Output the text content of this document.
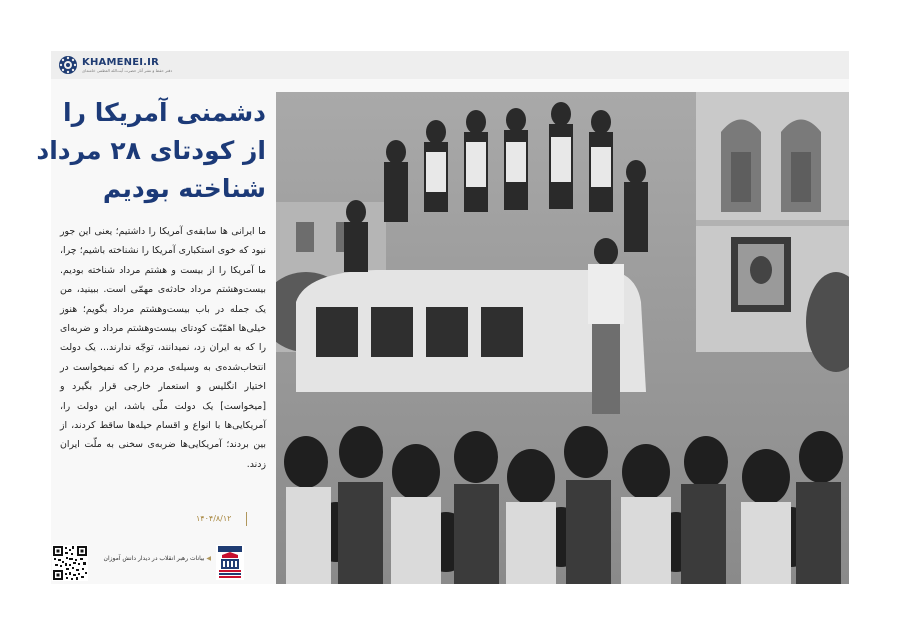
KHAMENEI.IR
دفتر حفظ و نشر آثار حضرت آیت‌الله العظمی خامنه‌ای
دشمنی آمریکا را
از کودتای ۲۸ مرداد
شناخته بودیم
ما ایرانی ها سابقه‌ی آمریکا را داشتیم؛ یعنی این جور نبود که خوی استکباری آمریکا را نشناخته باشیم؛ چرا، ما آمریکا را از بیست و هشتم مرداد شناخته بودیم. بیست‌وهشتم مرداد حادثه‌ی مهمّی است. ببینید، من یک جمله در باب بیست‌وهشتم مرداد بگویم؛ هنوز خیلی‌ها اهمّیّت کودتای بیست‌وهشتم مرداد و ضربه‌ای را که به ایران زد، نمیدانند، توجّه ندارند... یک دولت انتخاب‌شده‌ی به وسیله‌ی مردم را که نمیخواست در اختیار انگلیس و استعمار خارجی قرار بگیرد و [میخواست] یک دولت ملّی باشد، این دولت را، آمریکایی‌ها با انواع و اقسام حیله‌ها ساقط کردند، از بین بردند؛ آمریکایی‌ها ضربه‌ی سخنی به ملّت ایران زدند.
۱۴۰۴/۸/۱۲
◀ بیانات رهبر انقلاب در دیدار دانش آموزان
